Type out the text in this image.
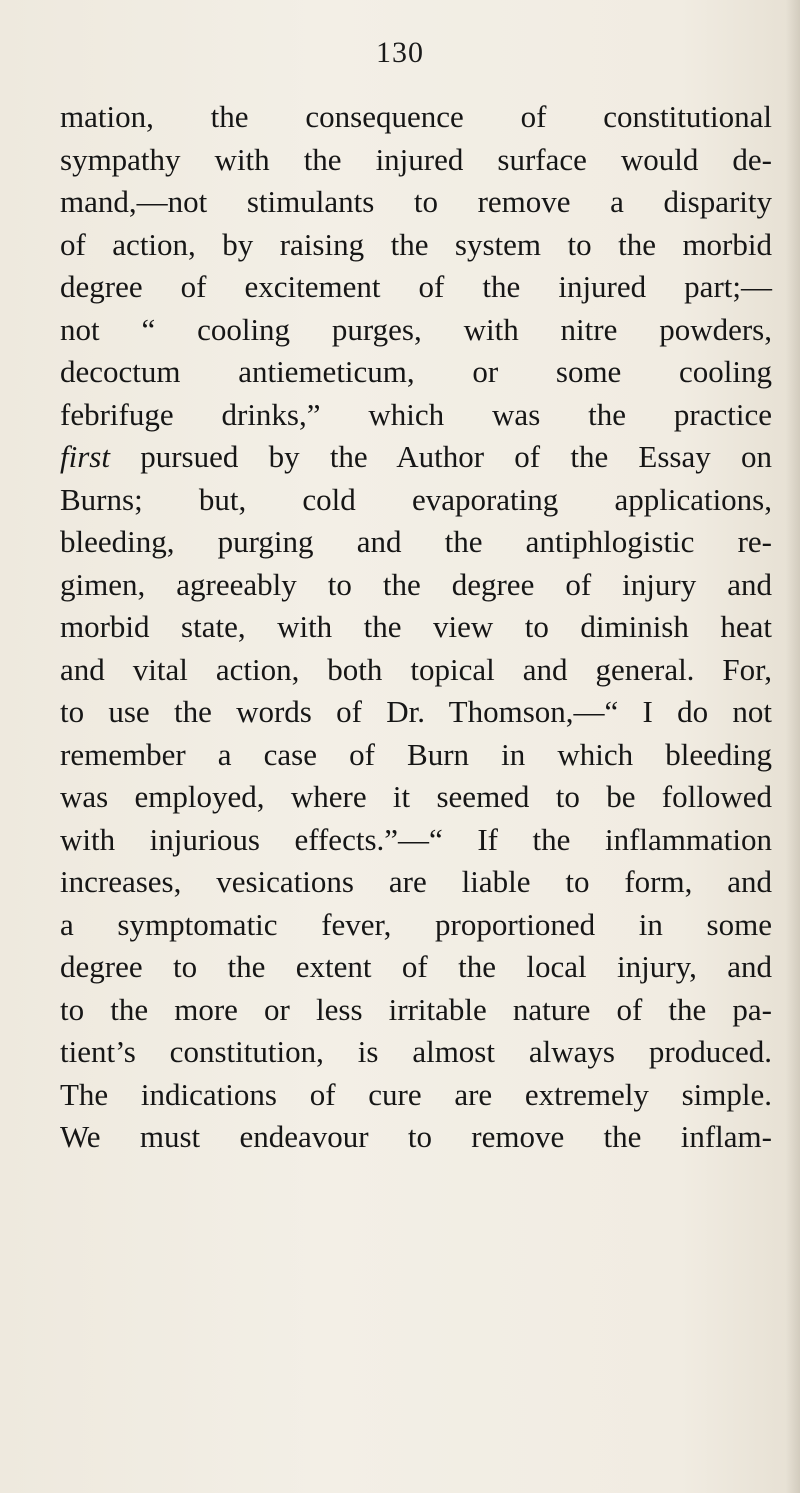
130
mation, the consequence of constitutional
sympathy with the injured surface would de-
mand,—not stimulants to remove a disparity
of action, by raising the system to the morbid
degree of excitement of the injured part;—
not “ cooling purges, with nitre powders,
decoctum antiemeticum, or some cooling
febrifuge drinks,” which was the practice
first pursued by the Author of the Essay on
Burns; but, cold evaporating applications,
bleeding, purging and the antiphlogistic re-
gimen, agreeably to the degree of injury and
morbid state, with the view to diminish heat
and vital action, both topical and general. For,
to use the words of Dr. Thomson,—“ I do not
remember a case of Burn in which bleeding
was employed, where it seemed to be followed
with injurious effects.”—“ If the inflammation
increases, vesications are liable to form, and
a symptomatic fever, proportioned in some
degree to the extent of the local injury, and
to the more or less irritable nature of the pa-
tient’s constitution, is almost always produced.
The indications of cure are extremely simple.
We must endeavour to remove the inflam-
